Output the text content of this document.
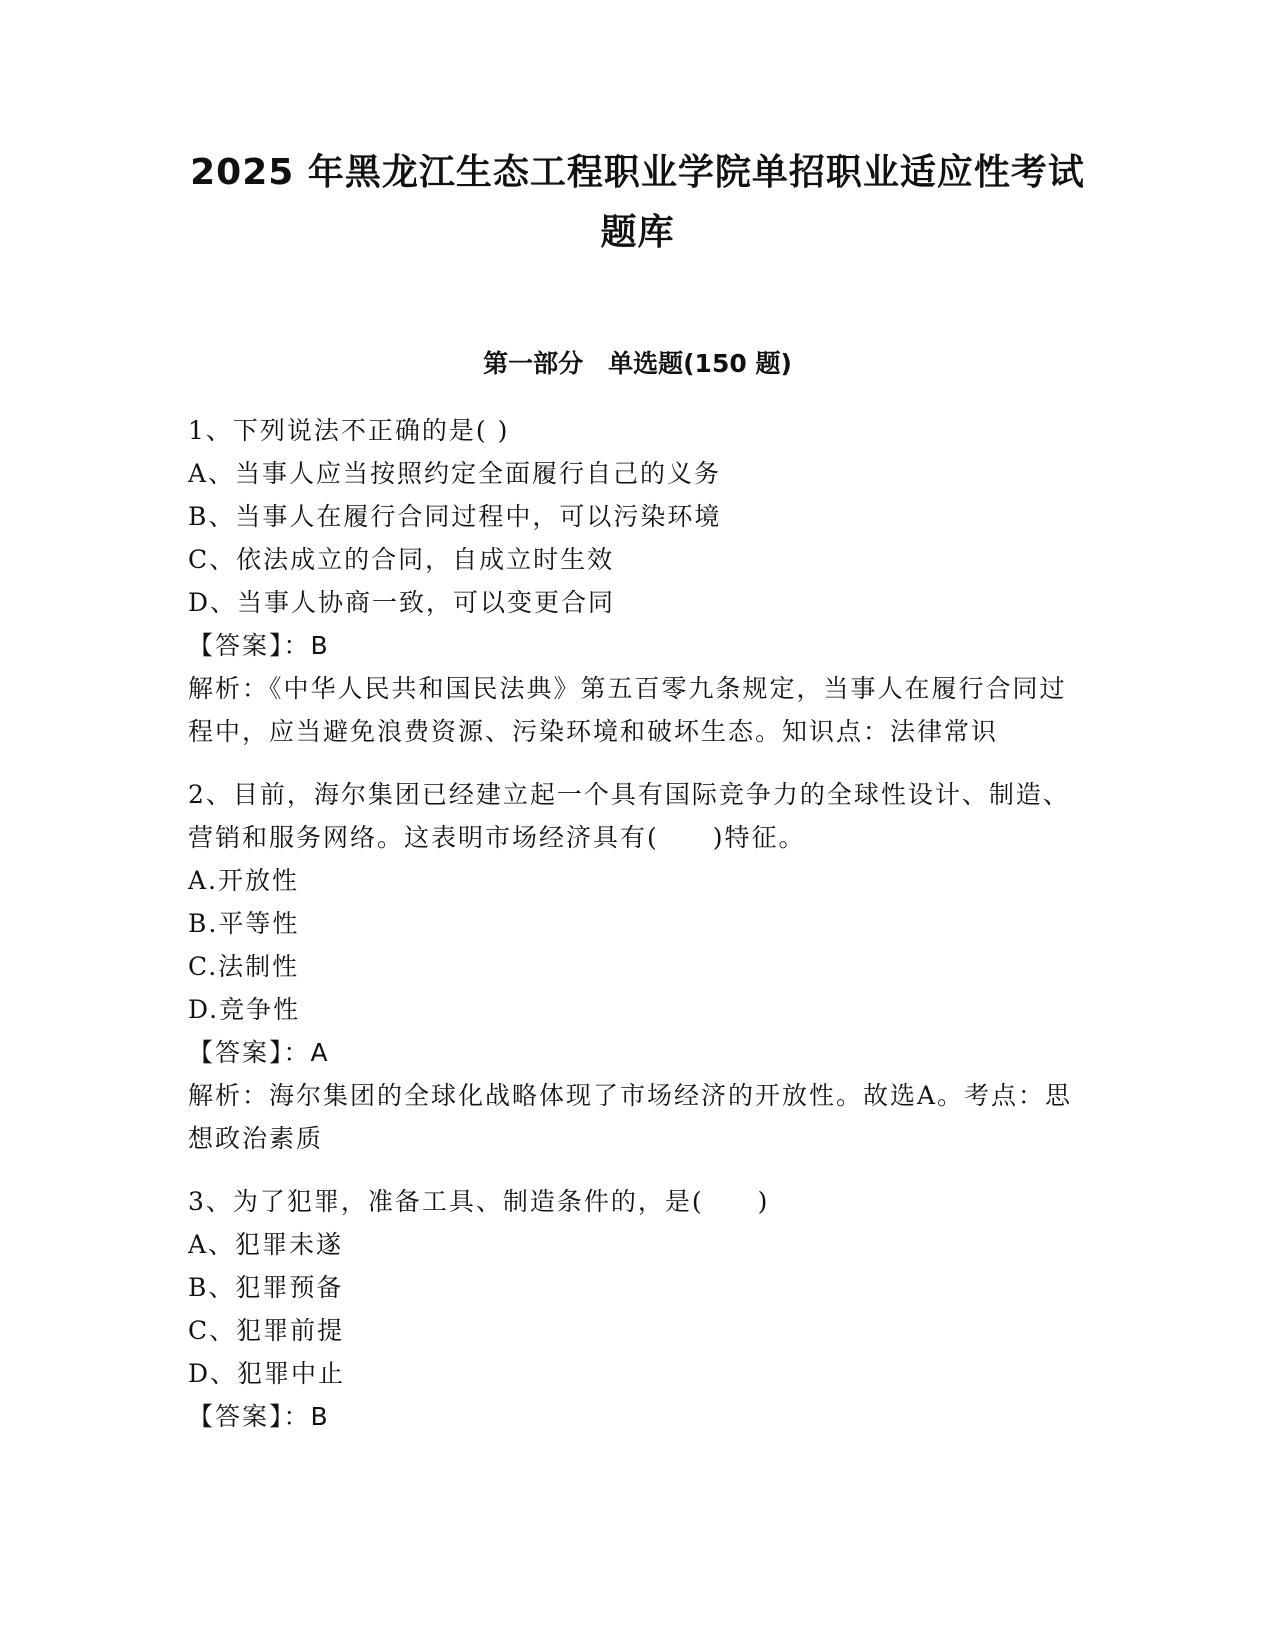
2025 年黑龙江生态工程职业学院单招职业适应性考试
题库
第一部分　单选题(150 题)
1、下列说法不正确的是( )
A、当事人应当按照约定全面履行自己的义务
B、当事人在履行合同过程中，可以污染环境
C、依法成立的合同，自成立时生效
D、当事人协商一致，可以变更合同
【答案】：B
解析：《中华人民共和国民法典》第五百零九条规定，当事人在履行合同过程中，应当避免浪费资源、污染环境和破坏生态。知识点：法律常识
2、目前，海尔集团已经建立起一个具有国际竞争力的全球性设计、制造、营销和服务网络。这表明市场经济具有(　　)特征。
A.开放性
B.平等性
C.法制性
D.竞争性
【答案】：A
解析：海尔集团的全球化战略体现了市场经济的开放性。故选A。考点：思想政治素质
3、为了犯罪，准备工具、制造条件的，是(　　)
A、犯罪未遂
B、犯罪预备
C、犯罪前提
D、犯罪中止
【答案】：B
